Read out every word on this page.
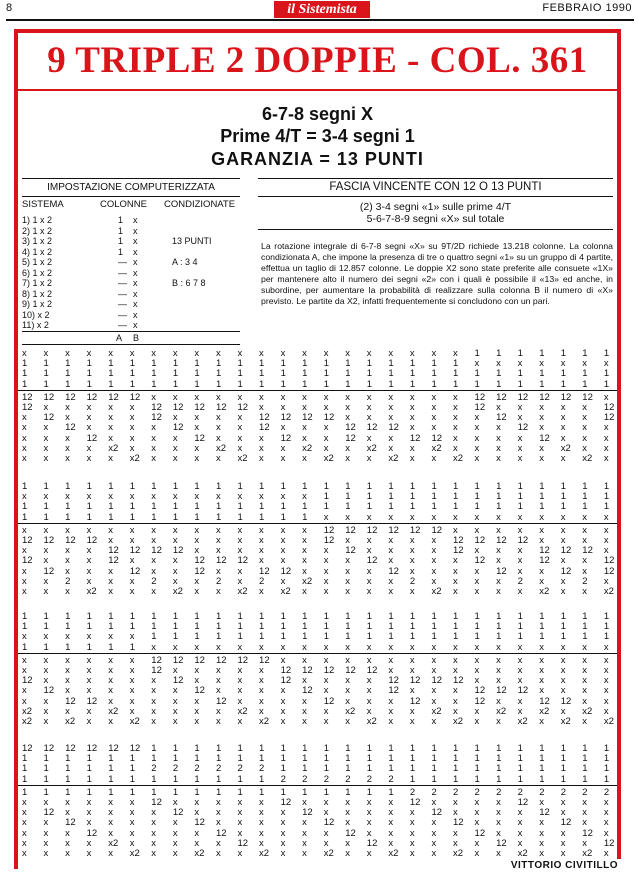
8	il Sistemista	FEBBRAIO 1990
9 TRIPLE 2 DOPPIE - COL. 361
6-7-8 segni X
Prime 4/T = 3-4 segni 1
GARANZIA = 13 PUNTI
IMPOSTAZIONE COMPUTERIZZATA
SISTEMA	COLONNE CONDIZIONATE
1) 1 x 2	1 x
2) 1 x 2	1 x
3) 1 x 2	1 x	13 PUNTI
4) 1 x 2	1 x
5) 1 x 2	— x	A : 3 4
6) 1 x 2	— x
7) 1 x 2	— x	B : 6 7 8
8) 1 x 2	— x
9) 1 x 2	— x
10) x 2	— x
11) x 2	— x
A B
FASCIA VINCENTE CON 12 O 13 PUNTI
(2) 3-4 segni «1» sulle prime 4/T
5-6-7-8-9 segni «X» sul totale
La rotazione integrale di 6-7-8 segni «X» su 9T/2D richiede 13.218 colonne. La colonna condizionata A, che impone la presenza di tre o quattro segni «1» su un gruppo di 4 partite, effettua un taglio di 12.857 colonne. Le doppie X2 sono state preferite alle consuete «1X» per mantenere alto il numero dei segni «2» con i quali è possibile il «13» ed anche, in subordine, per aumentare la probabilità di realizzare sulla colonna B il numero di «X» previsto. Le partite da X2, infatti frequentemente si concludono con un pari.
x x x x x x x x x x x x x x x x x x x x x 1 1 1 1 1 1 1
1 1 1 1 1 1 1 1 1 1 1 1 1 1 1 1 1 1 1 1 1 x x x x x x x
1 1 1 1 1 1 1 1 1 1 1 1 1 1 1 1 1 1 1 1 1 1 1 1 1 1 1 1
1 1 1 1 1 1 1 1 1 1 1 1 1 1 1 1 1 1 1 1 1 1 1 1 1 1 1 1
12 12 12 12 12 12 x x x x x x x x x x x x x x x 12 12 12 12 12 12 x
12 x x x x x 12 12 12 12 12 x x x x x x x x x x 12 x x x x x 12
x 12 x x x x 12 x x x x 12 12 12 12 x x x x x x x 12 x x x x 12
x x 12 x x x x 12 x x x 12 x x x 12 12 12 x x x x x 12 x x x x
x x x 12 x x x x 12 x x x 12 x x 12 x x 12 12 x x x x 12 x x x
x x x x x2 x x x x x2 x x x x2 x x x2 x x x2 x x x x x x2 x x
x x x x x x2 x x x x x2 x x x x2 x x x2 x x x2 x x x x x x2 x
1 1 1 1 1 1 1 1 1 1 1 1 1 1 1 1 1 1 1 1 1 1 1 1 1 1 1 1
x x x x x x x x x x x x x x 1 1 1 1 1 1 1 1 1 1 1 1 1 1
1 1 1 1 1 1 1 1 1 1 1 1 1 1 1 1 1 1 1 1 1 1 1 1 1 1 1 1
1 1 1 1 1 1 1 1 1 1 1 1 1 1 x x x x x x x x x x x x x x
x x x x x x x x x x x x x x 12 12 12 12 12 12 x x x x x x x x
12 12 12 12 x x x x x x x x x x 12 x x x x x 12 12 12 12 x x x x
x x x x 12 12 12 12 x x x x x x x 12 x x x x 12 x x x 12 12 12 x
12 x x x 12 x x x 12 12 12 x x x x x 12 x x x x 12 x x 12 x x 12
x 12 x x x 12 x x 12 x x 12 12 x x x x 12 x x x x 12 x x 12 x 12
x x 2 x x x 2 x x 2 x 2 x x2 x x x x 2 x x x x 2 x x 2 x
x x x x2 x x x x2 x x x2 x x2 x x x x x x x2 x x x x x2 x x x2
1 1 1 1 1 1 1 1 1 1 1 1 1 1 1 1 1 1 1 1 1 1 1 1 1 1 1 1
1 1 1 1 1 1 1 1 1 1 1 1 1 1 1 1 1 1 1 1 1 1 1 1 1 1 1 1
x x x x x x 1 1 1 1 1 1 1 1 1 1 1 1 1 1 1 1 1 1 1 1 1 1
1 1 1 1 1 1 x x x x x x x x x x x x x x x x x x x x x x
x x x x x x 12 12 12 12 12 12 x x x x x x x x x x x x x x x x
x x x x x x 12 x x x x x 12 12 12 12 12 x x x x x x x x x x x
12 x x x x x x 12 x x x x 12 x x x x 12 12 12 12 x x x x x x x
x 12 x x x x x x 12 x x x x 12 x x x 12 x x x 12 12 12 x x x x
x x 12 12 x x x x x 12 x x x x 12 x x x 12 x x 12 x x 12 12 x x
x2 x x x x2 x x x x x x2 x x x x x2 x x x x2 x x x2 x x2 x x2 x
x2 x x2 x x x2 x x x x x x2 x x x x x2 x x x x2 x x x2 x x2 x x2
12 12 12 12 12 12 1 1 1 1 1 1 1 1 1 1 1 1 1 1 1 1 1 1 1 1 1 1
1 1 1 1 1 1 1 1 1 1 1 1 1 1 1 1 1 1 1 1 1 1 1 1 1 1 1 1
1 1 1 1 1 1 2 2 2 2 2 2 1 1 1 1 1 1 1 1 1 1 1 1 1 1 1 1
1 1 1 1 1 1 1 1 1 1 1 1 2 2 2 2 2 2 1 1 1 1 1 1 1 1 1 1
1 1 1 1 1 1 1 1 1 1 1 1 1 1 1 1 1 1 2 2 2 2 2 2 2 2 2 2
x x x x x x 12 x x x x x 12 x x x x x 12 x x x x 12 x x x x
x 12 x x x x x 12 x x x x x 12 x x x x x 12 x x x x 12 x x x
x x 12 x x x x x 12 x x x x x 12 x x x x x 12 x x x x 12 x x
x x x 12 x x x x x 12 x x x x x 12 x x x x x 12 x x x x 12 x
x x x x x2 x x x x x 12 x x x x x 12 x x x x x 12 x x x x 12
x x x x x x2 x x x2 x x x2 x x x2 x x x2 x x x2 x x x2 x x x2 x
VITTORIO CIVITILLO
